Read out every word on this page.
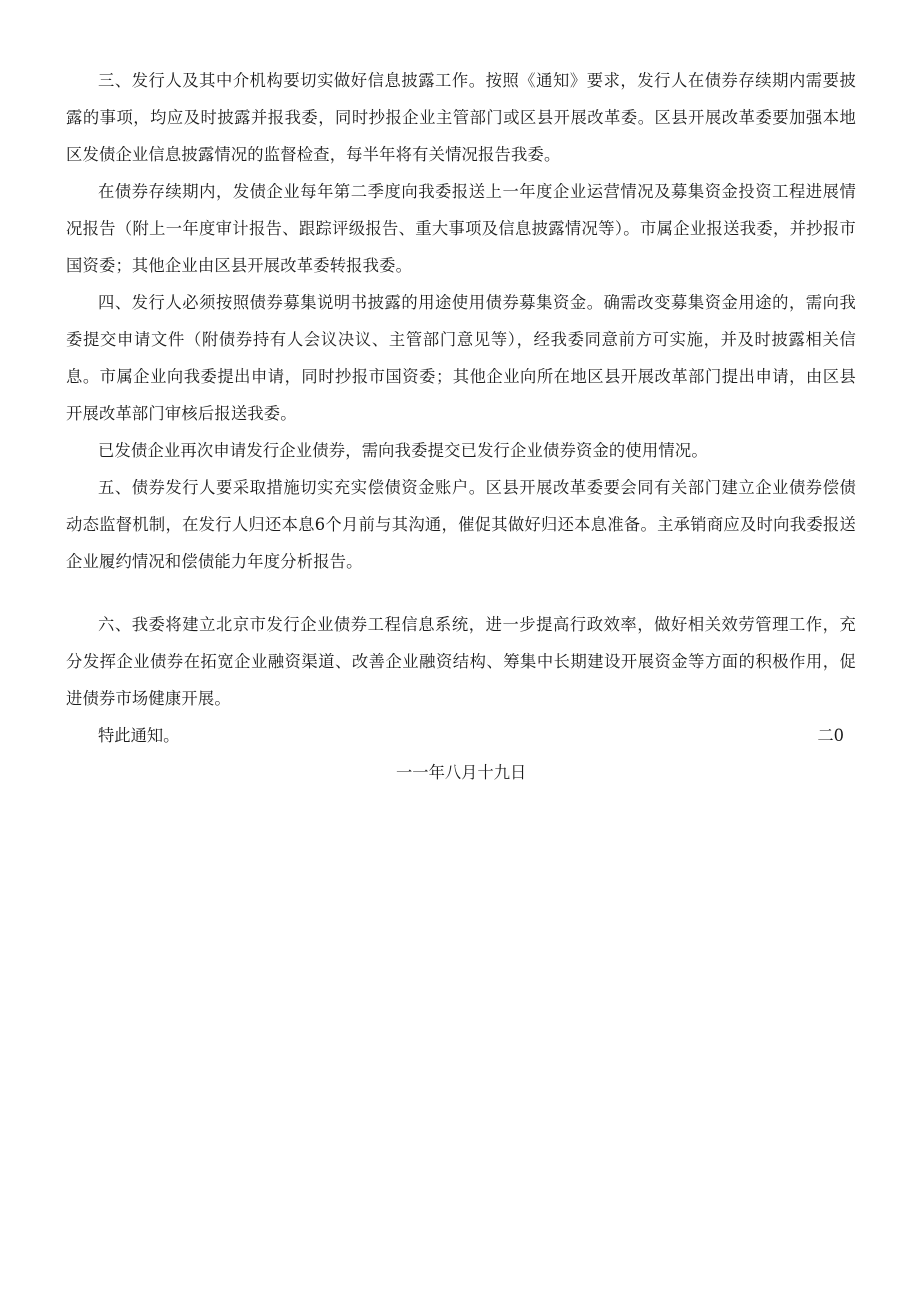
三、发行人及其中介机构要切实做好信息披露工作。按照《通知》要求，发行人在债券存续期内需要披露的事项，均应及时披露并报我委，同时抄报企业主管部门或区县开展改革委。区县开展改革委要加强本地区发债企业信息披露情况的监督检查，每半年将有关情况报告我委。

在债券存续期内，发债企业每年第二季度向我委报送上一年度企业运营情况及募集资金投资工程进展情况报告（附上一年度审计报告、跟踪评级报告、重大事项及信息披露情况等）。市属企业报送我委，并抄报市国资委；其他企业由区县开展改革委转报我委。

四、发行人必须按照债券募集说明书披露的用途使用债券募集资金。确需改变募集资金用途的，需向我委提交申请文件（附债券持有人会议决议、主管部门意见等），经我委同意前方可实施，并及时披露相关信息。市属企业向我委提出申请，同时抄报市国资委；其他企业向所在地区县开展改革部门提出申请，由区县开展改革部门审核后报送我委。

已发债企业再次申请发行企业债券，需向我委提交已发行企业债券资金的使用情况。

五、债券发行人要采取措施切实充实偿债资金账户。区县开展改革委要会同有关部门建立企业债券偿债动态监督机制，在发行人归还本息6个月前与其沟通，催促其做好归还本息准备。主承销商应及时向我委报送企业履约情况和偿债能力年度分析报告。

六、我委将建立北京市发行企业债券工程信息系统，进一步提高行政效率，做好相关效劳管理工作，充分发挥企业债券在拓宽企业融资渠道、改善企业融资结构、筹集中长期建设开展资金等方面的积极作用，促进债券市场健康开展。

特此通知。	二0
一一年八月十九日
